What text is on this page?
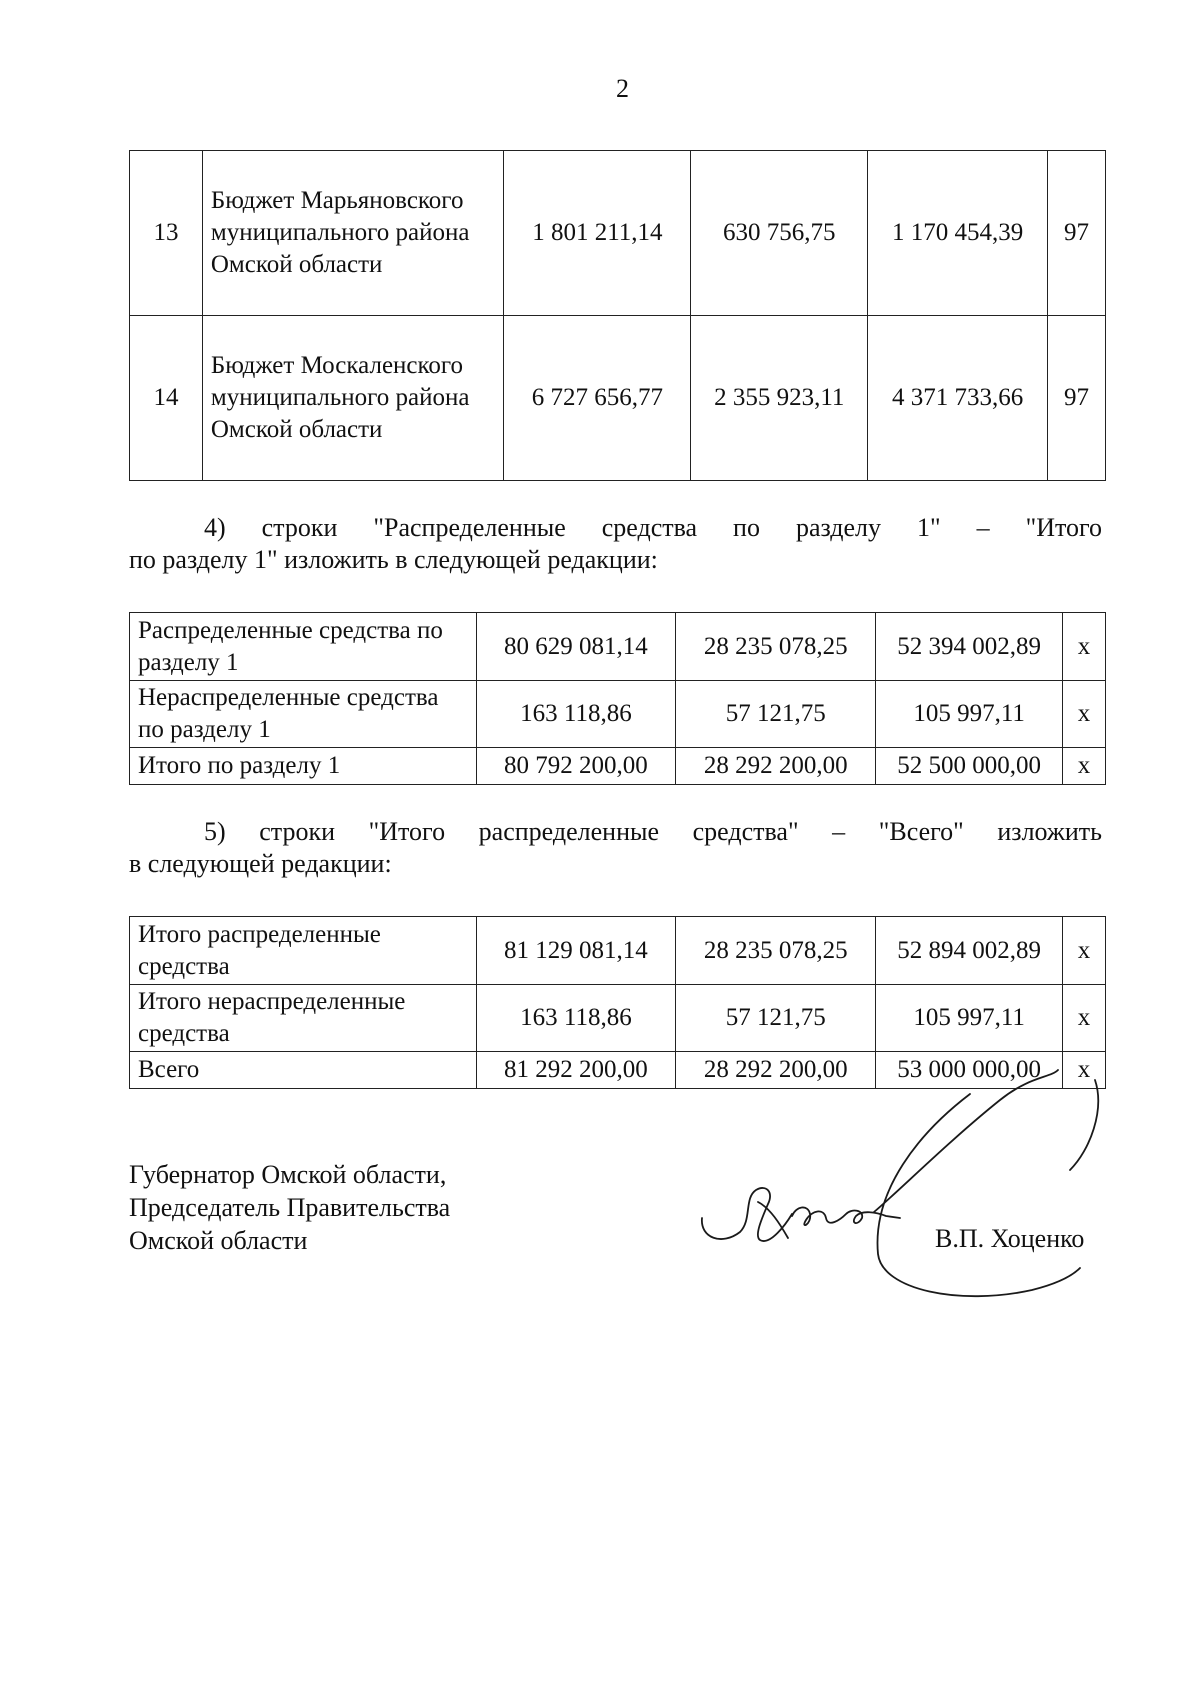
2
13	Бюджет Марьяновского муниципального района Омской области	1 801 211,14	630 756,75	1 170 454,39	97
14	Бюджет Москаленского муниципального района Омской области	6 727 656,77	2 355 923,11	4 371 733,66	97
4) строки "Распределенные средства по разделу 1" – "Итого
по разделу 1" изложить в следующей редакции:
Распределенные средства по разделу 1	80 629 081,14	28 235 078,25	52 394 002,89	x
Нераспределенные средства по разделу 1	163 118,86	57 121,75	105 997,11	x
Итого по разделу 1	80 792 200,00	28 292 200,00	52 500 000,00	x
5) строки "Итого распределенные средства" – "Всего" изложить
в следующей редакции:
Итого распределенные средства	81 129 081,14	28 235 078,25	52 894 002,89	x
Итого нераспределенные средства	163 118,86	57 121,75	105 997,11	x
Всего	81 292 200,00	28 292 200,00	53 000 000,00	x
Губернатор Омской области,
Председатель Правительства
Омской области	В.П. Хоценко
